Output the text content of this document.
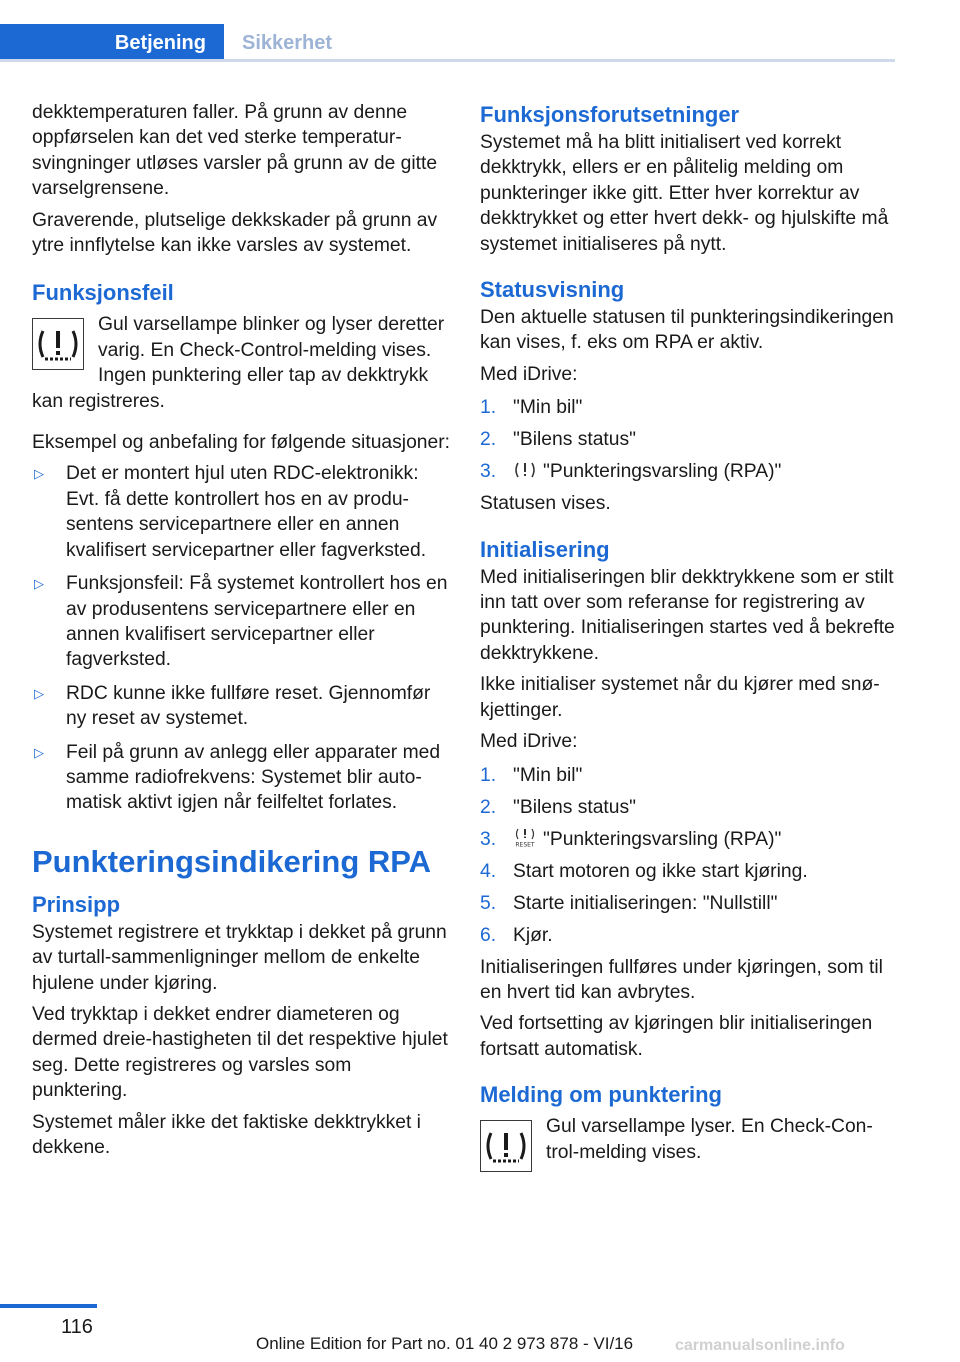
Betjening	Sikkerhet

dekktemperaturen faller. På grunn av denne oppførselen kan det ved sterke temperatursvingninger utløses varsler på grunn av de gitte varselgrensene.

Graverende, plutselige dekkskader på grunn av ytre innflytelse kan ikke varsles av systemet.

Funksjonsfeil

Gul varsellampe blinker og lyser deretter varig. En Check-Control-melding vises. Ingen punktering eller tap av dekktrykk kan registreres.

Eksempel og anbefaling for følgende situasjoner:

▷ Det er montert hjul uten RDC-elektronikk: Evt. få dette kontrollert hos en av produsentens servicepartnere eller en annen kvalifisert servicepartner eller fagverksted.
▷ Funksjonsfeil: Få systemet kontrollert hos en av produsentens servicepartnere eller en annen kvalifisert servicepartner eller fagverksted.
▷ RDC kunne ikke fullføre reset. Gjennomfør ny reset av systemet.
▷ Feil på grunn av anlegg eller apparater med samme radiofrekvens: Systemet blir automatisk aktivt igjen når feilfeltet forlates.
Punkteringsindikering RPA
Prinsipp

Systemet registrere et trykktap i dekket på grunn av turtall-sammenligninger mellom de enkelte hjulene under kjøring.

Ved trykktap i dekket endrer diameteren og dermed dreie-hastigheten til det respektive hjulet seg. Dette registreres og varsles som punktering.

Systemet måler ikke det faktiske dekktrykket i dekkene.

Funksjonsforutsetninger

Systemet må ha blitt initialisert ved korrekt dekktrykk, ellers er en pålitelig melding om punkteringer ikke gitt. Etter hver korrektur av dekktrykket og etter hvert dekk- og hjulskifte må systemet initialiseres på nytt.

Statusvisning

Den aktuelle statusen til punkteringsindikeringen kan vises, f. eks om RPA er aktiv.

Med iDrive:

1. "Min bil"
2. "Bilens status"
3. "Punkteringsvarsling (RPA)"

Statusen vises.

Initialisering

Med initialiseringen blir dekktrykkene som er stilt inn tatt over som referanse for registrering av punktering. Initialiseringen startes ved å bekrefte dekktrykkene.

Ikke initialiser systemet når du kjører med snøkjettinger.

Med iDrive:

1. "Min bil"
2. "Bilens status"
3.	RESET "Punkteringsvarsling (RPA)"
4. Start motoren og ikke start kjøring.
5. Starte initialiseringen: "Nullstill"
6. Kjør.

Initialiseringen fullføres under kjøringen, som til en hvert tid kan avbrytes.

Ved fortsetting av kjøringen blir initialiseringen fortsatt automatisk.

Melding om punktering

Gul varsellampe lyser. En Check-Control-melding vises.

116
Online Edition for Part no. 01 40 2 973 878 - VI/16	carmanualsonline.info
